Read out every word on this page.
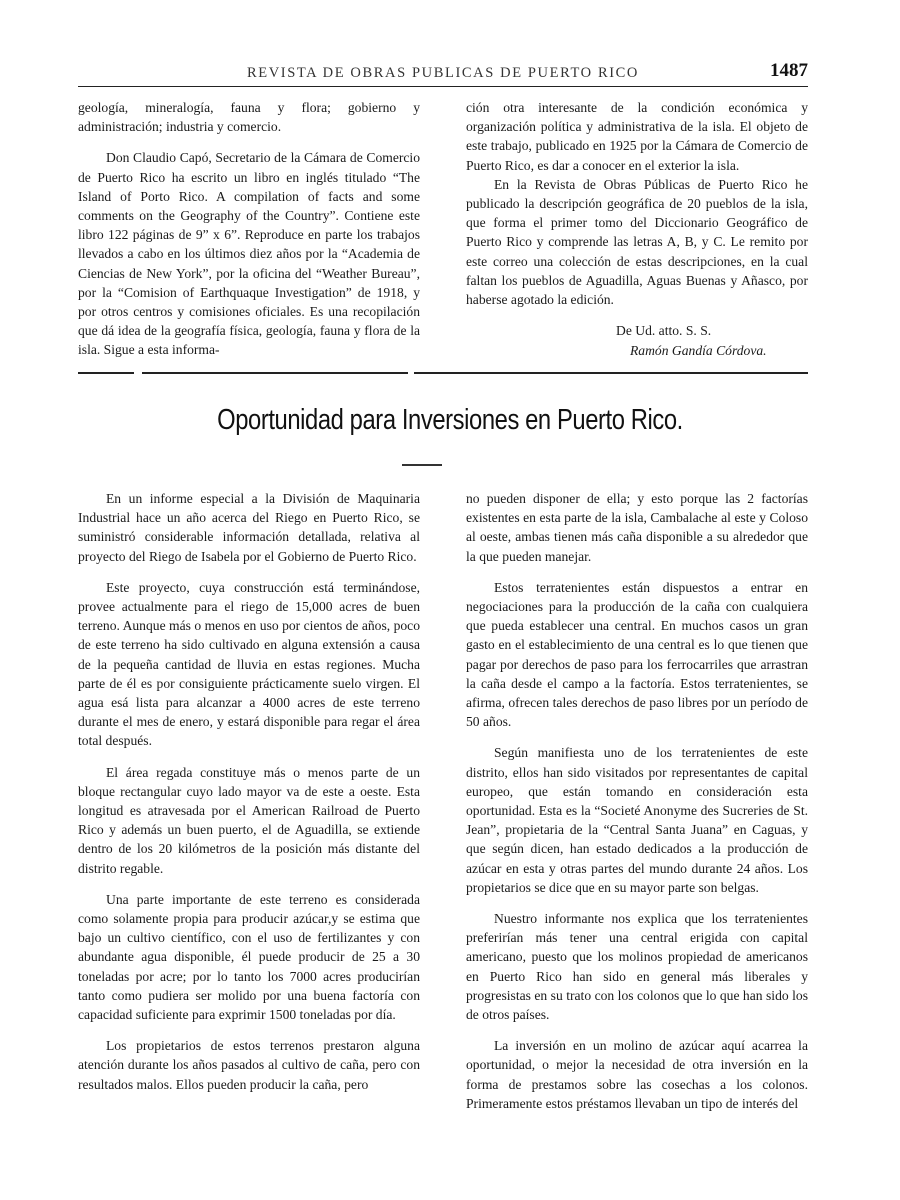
REVISTA DE OBRAS PUBLICAS DE PUERTO RICO	1487

geología, mineralogía, fauna y flora; gobierno y administración; industria y comercio.

Don Claudio Capó, Secretario de la Cámara de Comercio de Puerto Rico ha escrito un libro en inglés titulado “The Island of Porto Rico. A compilation of facts and some comments on the Geography of the Country”. Contiene este libro 122 páginas de 9” x 6”. Reproduce en parte los trabajos llevados a cabo en los últimos diez años por la “Academia de Ciencias de New York”, por la oficina del “Weather Bureau”, por la “Comision of Earthquaque Investigation” de 1918, y por otros centros y comisiones oficiales. Es una recopilación que dá idea de la geografía física, geología, fauna y flora de la isla. Sigue a esta informa-

ción otra interesante de la condición económica y organización política y administrativa de la isla. El objeto de este trabajo, publicado en 1925 por la Cámara de Comercio de Puerto Rico, es dar a conocer en el exterior la isla.

En la Revista de Obras Públicas de Puerto Rico he publicado la descripción geográfica de 20 pueblos de la isla, que forma el primer tomo del Diccionario Geográfico de Puerto Rico y comprende las letras A, B, y C. Le remito por este correo una colección de estas descripciones, en la cual faltan los pueblos de Aguadilla, Aguas Buenas y Añasco, por haberse agotado la edición.

De Ud. atto. S. S.
Ramón Gandía Córdova.
Oportunidad para Inversiones en Puerto Rico.

En un informe especial a la División de Maquinaria Industrial hace un año acerca del Riego en Puerto Rico, se suministró considerable información detallada, relativa al proyecto del Riego de Isabela por el Gobierno de Puerto Rico.

Este proyecto, cuya construcción está terminándose, provee actualmente para el riego de 15,000 acres de buen terreno. Aunque más o menos en uso por cientos de años, poco de este terreno ha sido cultivado en alguna extensión a causa de la pequeña cantidad de lluvia en estas regiones. Mucha parte de él es por consiguiente prácticamente suelo virgen. El agua esá lista para alcanzar a 4000 acres de este terreno durante el mes de enero, y estará disponible para regar el área total después.

El área regada constituye más o menos parte de un bloque rectangular cuyo lado mayor va de este a oeste. Esta longitud es atravesada por el American Railroad de Puerto Rico y además un buen puerto, el de Aguadilla, se extiende dentro de los 20 kilómetros de la posición más distante del distrito regable.

Una parte importante de este terreno es considerada como solamente propia para producir azúcar,y se estima que bajo un cultivo científico, con el uso de fertilizantes y con abundante agua disponible, él puede producir de 25 a 30 toneladas por acre; por lo tanto los 7000 acres producirían tanto como pudiera ser molido por una buena factoría con capacidad suficiente para exprimir 1500 toneladas por día.

Los propietarios de estos terrenos prestaron alguna atención durante los años pasados al cultivo de caña, pero con resultados malos. Ellos pueden producir la caña, pero

no pueden disponer de ella; y esto porque las 2 factorías existentes en esta parte de la isla, Cambalache al este y Coloso al oeste, ambas tienen más caña disponible a su alrededor que la que pueden manejar.

Estos terratenientes están dispuestos a entrar en negociaciones para la producción de la caña con cualquiera que pueda establecer una central. En muchos casos un gran gasto en el establecimiento de una central es lo que tienen que pagar por derechos de paso para los ferrocarriles que arrastran la caña desde el campo a la factoría. Estos terratenientes, se afirma, ofrecen tales derechos de paso libres por un período de 50 años.

Según manifiesta uno de los terratenientes de este distrito, ellos han sido visitados por representantes de capital europeo, que están tomando en consideración esta oportunidad. Esta es la “Societé Anonyme des Sucreries de St. Jean”, propietaria de la “Central Santa Juana” en Caguas, y que según dicen, han estado dedicados a la producción de azúcar en esta y otras partes del mundo durante 24 años. Los propietarios se dice que en su mayor parte son belgas.

Nuestro informante nos explica que los terratenientes preferirían más tener una central erigida con capital americano, puesto que los molinos propiedad de americanos en Puerto Rico han sido en general más liberales y progresistas en su trato con los colonos que lo que han sido los de otros países.

La inversión en un molino de azúcar aquí acarrea la oportunidad, o mejor la necesidad de otra inversión en la forma de prestamos sobre las cosechas a los colonos. Primeramente estos préstamos llevaban un tipo de interés del
